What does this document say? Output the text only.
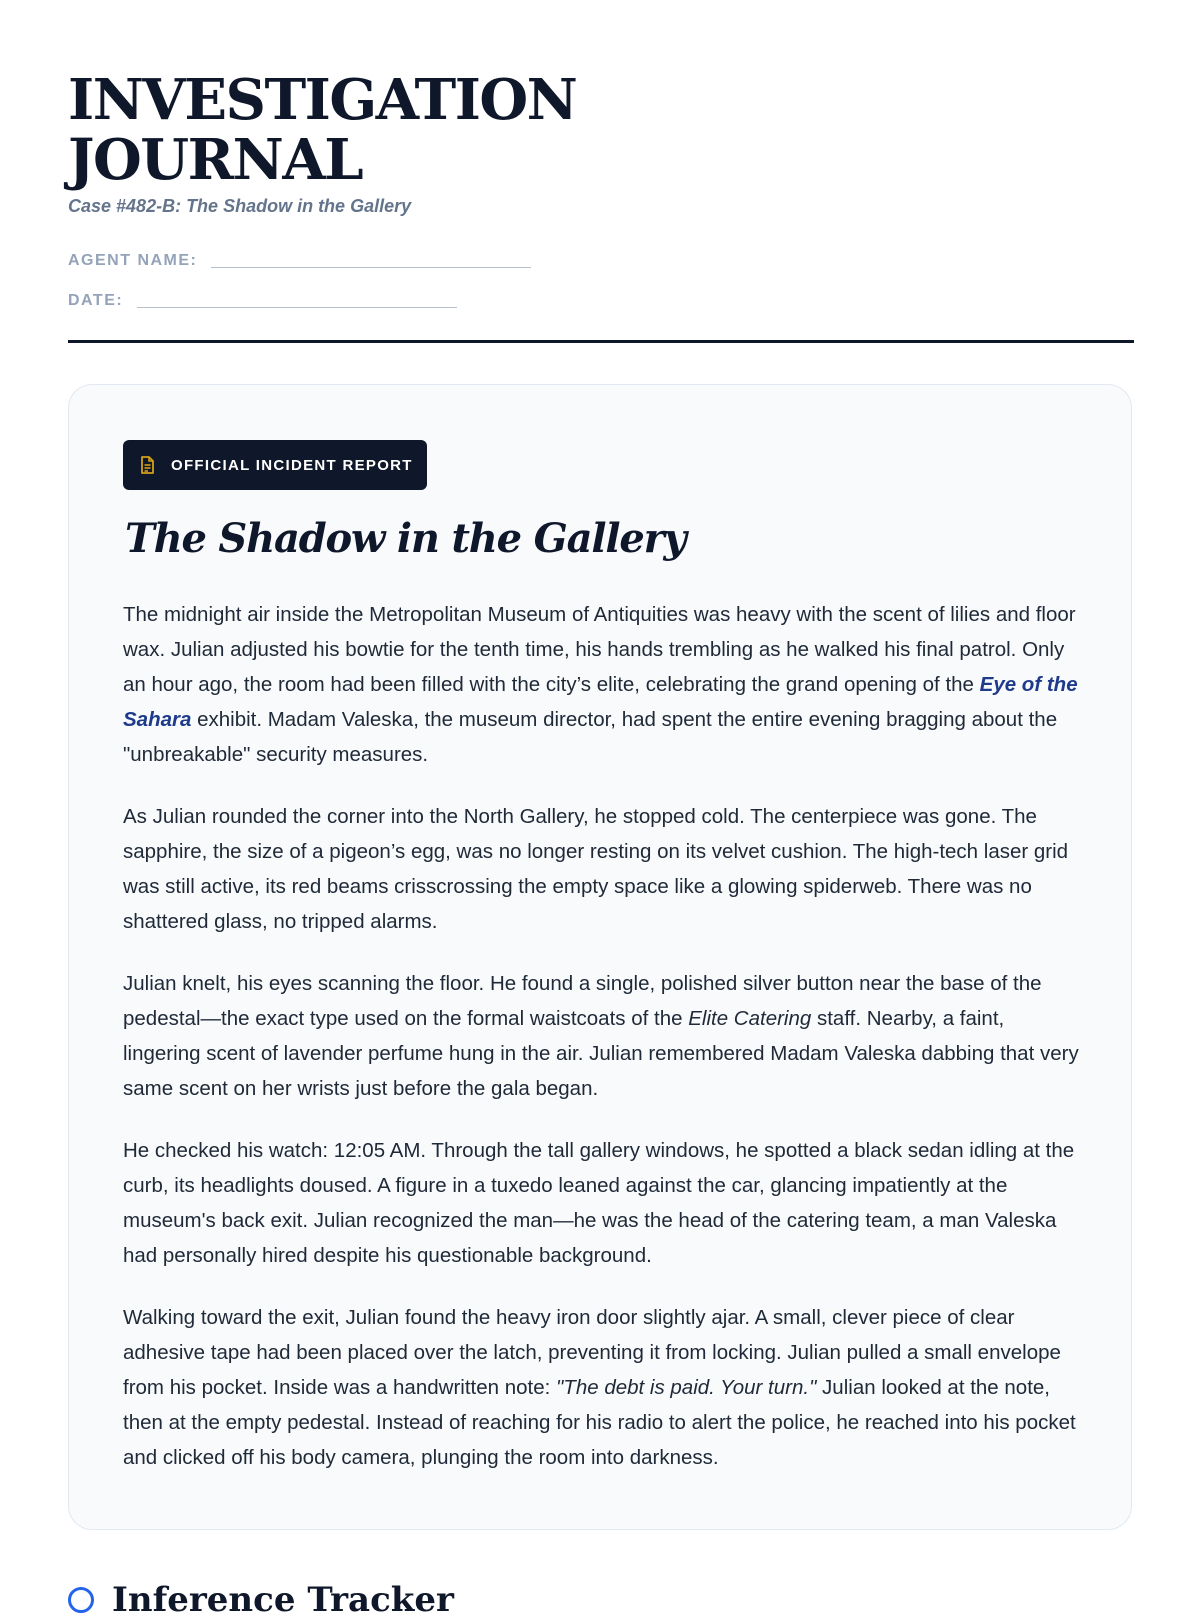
INVESTIGATION
JOURNAL

Case #482-B: The Shadow in the Gallery

AGENT NAME:
DATE:
OFFICIAL INCIDENT REPORT
The Shadow in the Gallery

The midnight air inside the Metropolitan Museum of Antiquities was heavy with the scent of lilies and floor wax. Julian adjusted his bowtie for the tenth time, his hands trembling as he walked his final patrol. Only an hour ago, the room had been filled with the city’s elite, celebrating the grand opening of the Eye of the Sahara exhibit. Madam Valeska, the museum director, had spent the entire evening bragging about the "unbreakable" security measures.

As Julian rounded the corner into the North Gallery, he stopped cold. The centerpiece was gone. The sapphire, the size of a pigeon’s egg, was no longer resting on its velvet cushion. The high-tech laser grid was still active, its red beams crisscrossing the empty space like a glowing spiderweb. There was no shattered glass, no tripped alarms.

Julian knelt, his eyes scanning the floor. He found a single, polished silver button near the base of the pedestal—the exact type used on the formal waistcoats of the Elite Catering staff. Nearby, a faint, lingering scent of lavender perfume hung in the air. Julian remembered Madam Valeska dabbing that very same scent on her wrists just before the gala began.

He checked his watch: 12:05 AM. Through the tall gallery windows, he spotted a black sedan idling at the curb, its headlights doused. A figure in a tuxedo leaned against the car, glancing impatiently at the museum's back exit. Julian recognized the man—he was the head of the catering team, a man Valeska had personally hired despite his questionable background.

Walking toward the exit, Julian found the heavy iron door slightly ajar. A small, clever piece of clear adhesive tape had been placed over the latch, preventing it from locking. Julian pulled a small envelope from his pocket. Inside was a handwritten note: "The debt is paid. Your turn." Julian looked at the note, then at the empty pedestal. Instead of reaching for his radio to alert the police, he reached into his pocket and clicked off his body camera, plunging the room into darkness.

Inference Tracker
